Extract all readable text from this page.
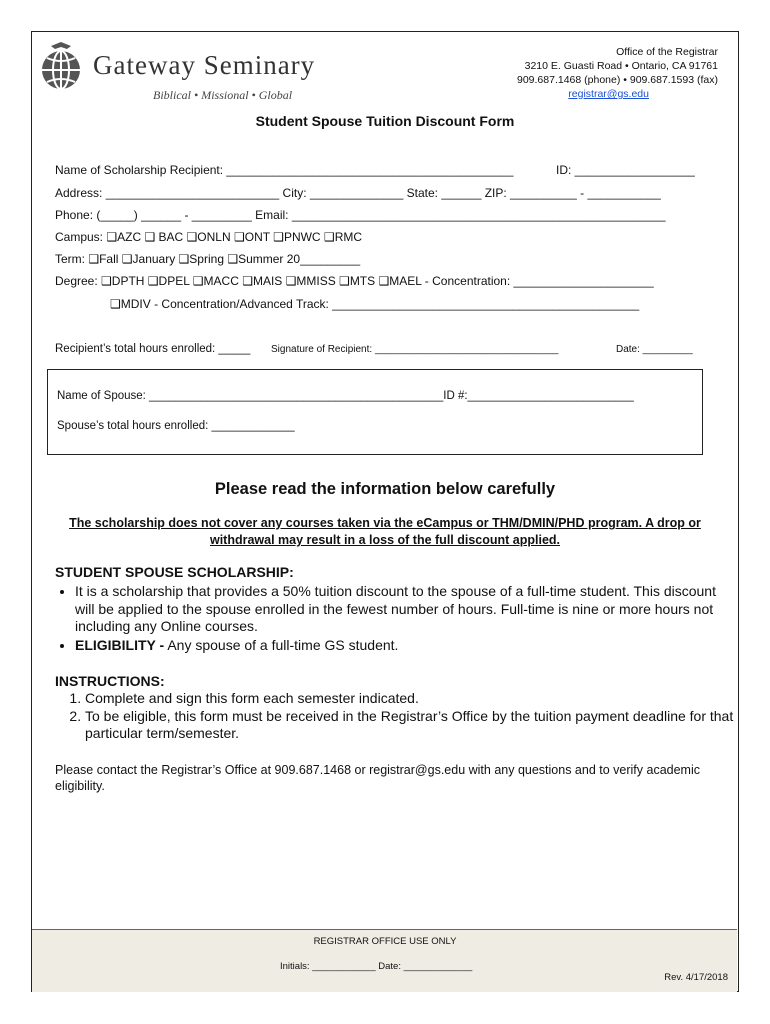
Gateway Seminary
Biblical • Missional • Global
Office of the Registrar
3210 E. Guasti Road • Ontario, CA 91761
909.687.1468 (phone) • 909.687.1593 (fax)
registrar@gs.edu
Student Spouse Tuition Discount Form
Name of Scholarship Recipient: ___________________________________________	ID: __________________
Address: __________________________ City: ______________ State: ______ ZIP: __________ - ___________
Phone: (_____) ______ - _________ Email: ________________________________________________________
Campus: ❑AZC ❑ BAC ❑ONLN ❑ONT ❑PNWC ❑RMC
Term: ❑Fall ❑January ❑Spring ❑Summer 20_________
Degree: ❑DPTH ❑DPEL ❑MACC ❑MAIS ❑MMISS ❑MTS ❑MAEL - Concentration: _____________________
❑MDIV - Concentration/Advanced Track: ______________________________________________
Recipient’s total hours enrolled: _____ Signature of Recipient: _________________________________	Date: _________
Name of Spouse: ______________________________________________ID #:__________________________
Spouse’s total hours enrolled: _____________
Please read the information below carefully
The scholarship does not cover any courses taken via the eCampus or THM/DMIN/PHD program. A drop or withdrawal may result in a loss of the full discount applied.
STUDENT SPOUSE SCHOLARSHIP:
• It is a scholarship that provides a 50% tuition discount to the spouse of a full-time student. This discount will be applied to the spouse enrolled in the fewest number of hours. Full-time is nine or more hours not including any Online courses.
• ELIGIBILITY - Any spouse of a full-time GS student.
INSTRUCTIONS:
1. Complete and sign this form each semester indicated.
2. To be eligible, this form must be received in the Registrar’s Office by the tuition payment deadline for that particular term/semester.
Please contact the Registrar’s Office at 909.687.1468 or registrar@gs.edu with any questions and to verify academic eligibility.
REGISTRAR OFFICE USE ONLY
Initials: ____________ Date: _____________
Rev. 4/17/2018
